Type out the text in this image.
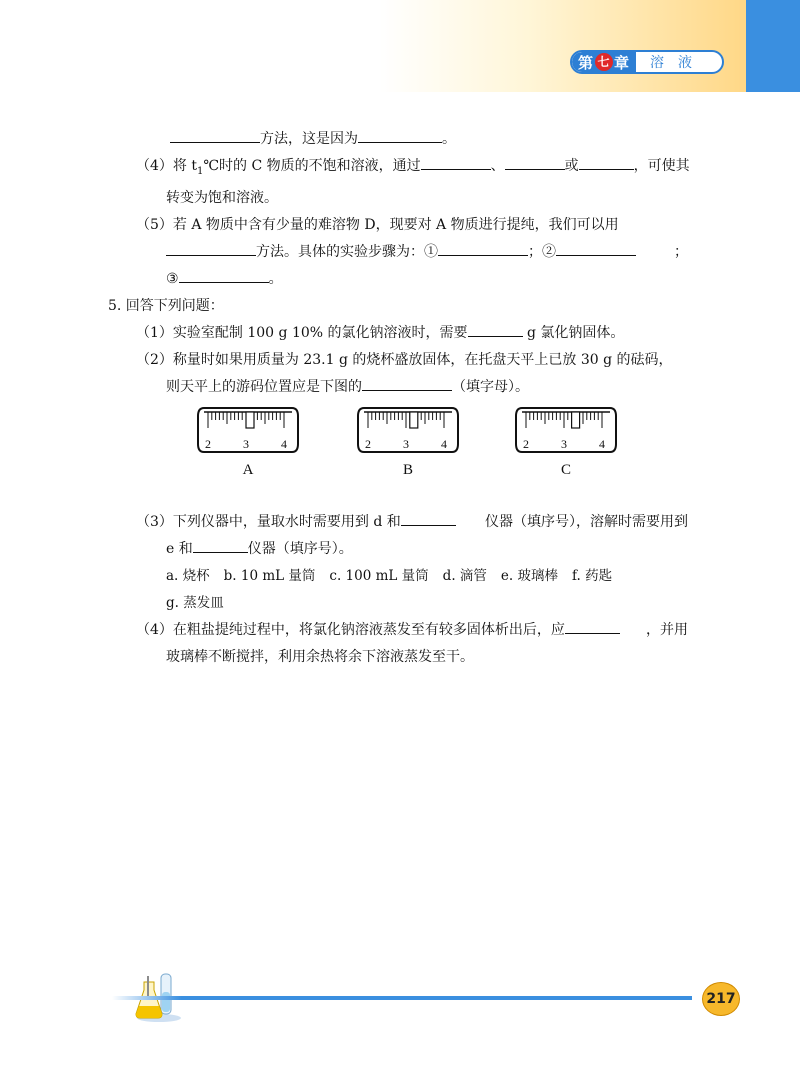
第 七 章	溶液
方法，这是因为	。
（4）将 $t_1℃$时的 C 物质的不饱和溶液，通过	、	或	，可使其
转变为饱和溶液。
（5）若 A 物质中含有少量的难溶物 D，现要对 A 物质进行提纯，我们可以用
方法。具体的实验步骤为：①	；②	；
③	。
5. 回答下列问题：
（1）实验室配制 100 g 10% 的氯化钠溶液时，需要	g 氯化钠固体。
（2）称量时如果用质量为 23.1 g 的烧杯盛放固体，在托盘天平上已放 30 g 的砝码，
则天平上的游码位置应是下图的	（填字母）。
（3）下列仪器中，量取水时需要用到 d 和	仪器（填序号），溶解时需要用到
e 和	仪器（填序号）。
a. 烧杯 b. 10 mL 量筒 c. 100 mL 量筒 d. 滴管 e. 玻璃棒 f. 药匙
g. 蒸发皿
（4）在粗盐提纯过程中，将氯化钠溶液蒸发至有较多固体析出后，应	，并用
玻璃棒不断搅拌，利用余热将余下溶液蒸发至干。
2	3	4
A
2	3	4
B
2	3	4
C
217
